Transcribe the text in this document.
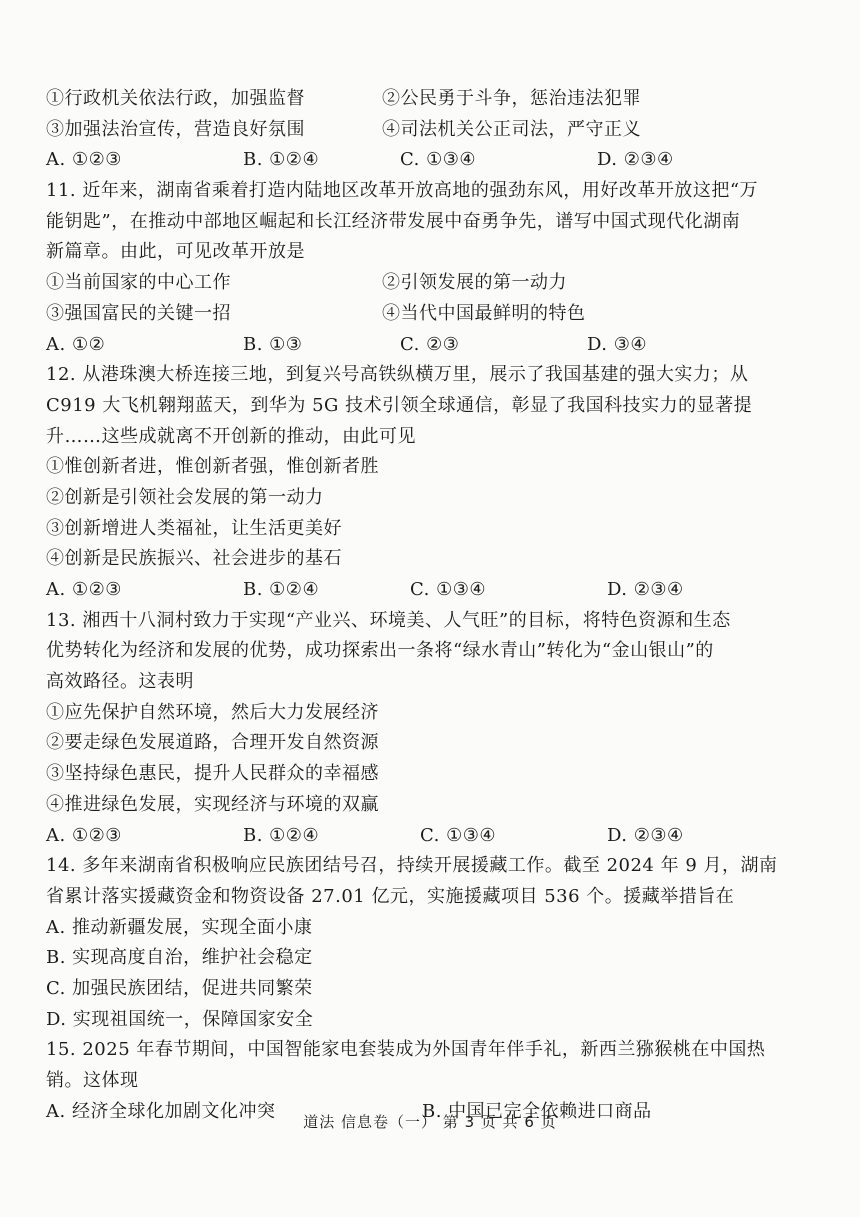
①行政机关依法行政，加强监督	②公民勇于斗争，惩治违法犯罪
③加强法治宣传，营造良好氛围	④司法机关公正司法，严守正义
A. ①②③	B. ①②④	C. ①③④	D. ②③④
11. 近年来，湖南省乘着打造内陆地区改革开放高地的强劲东风，用好改革开放这把“万
能钥匙”，在推动中部地区崛起和长江经济带发展中奋勇争先，谱写中国式现代化湖南
新篇章。由此，可见改革开放是
①当前国家的中心工作	②引领发展的第一动力
③强国富民的关键一招	④当代中国最鲜明的特色
A. ①②	B. ①③	C. ②③	D. ③④
12. 从港珠澳大桥连接三地，到复兴号高铁纵横万里，展示了我国基建的强大实力；从
C919 大飞机翱翔蓝天，到华为 5G 技术引领全球通信，彰显了我国科技实力的显著提
升……这些成就离不开创新的推动，由此可见
①惟创新者进，惟创新者强，惟创新者胜
②创新是引领社会发展的第一动力
③创新增进人类福祉，让生活更美好
④创新是民族振兴、社会进步的基石
A. ①②③	B. ①②④	C. ①③④	D. ②③④
13. 湘西十八洞村致力于实现“产业兴、环境美、人气旺”的目标，将特色资源和生态
优势转化为经济和发展的优势，成功探索出一条将“绿水青山”转化为“金山银山”的
高效路径。这表明
①应先保护自然环境，然后大力发展经济
②要走绿色发展道路，合理开发自然资源
③坚持绿色惠民，提升人民群众的幸福感
④推进绿色发展，实现经济与环境的双赢
A. ①②③	B. ①②④	C. ①③④	D. ②③④
14. 多年来湖南省积极响应民族团结号召，持续开展援藏工作。截至 2024 年 9 月，湖南
省累计落实援藏资金和物资设备 27.01 亿元，实施援藏项目 536 个。援藏举措旨在
A. 推动新疆发展，实现全面小康
B. 实现高度自治，维护社会稳定
C. 加强民族团结，促进共同繁荣
D. 实现祖国统一，保障国家安全
15. 2025 年春节期间，中国智能家电套装成为外国青年伴手礼，新西兰猕猴桃在中国热
销。这体现
A. 经济全球化加剧文化冲突	B. 中国已完全依赖进口商品
道法 信息卷（一） 第 3 页 共 6 页
